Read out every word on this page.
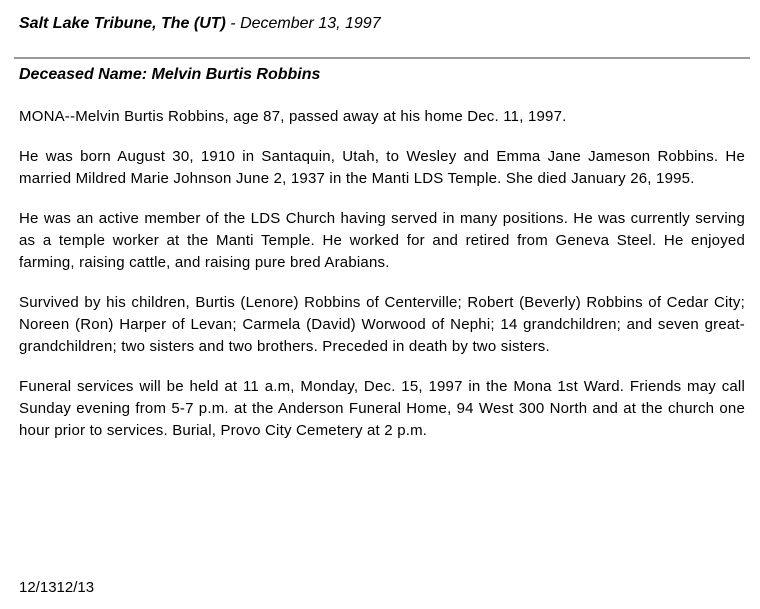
Salt Lake Tribune, The (UT) - December 13, 1997
Deceased Name: Melvin Burtis Robbins

MONA--Melvin Burtis Robbins, age 87, passed away at his home Dec. 11, 1997.

He was born August 30, 1910 in Santaquin, Utah, to Wesley and Emma Jane Jameson Robbins. He married Mildred Marie Johnson June 2, 1937 in the Manti LDS Temple. She died January 26, 1995.

He was an active member of the LDS Church having served in many positions. He was currently serving as a temple worker at the Manti Temple. He worked for and retired from Geneva Steel. He enjoyed farming, raising cattle, and raising pure bred Arabians.

Survived by his children, Burtis (Lenore) Robbins of Centerville; Robert (Beverly) Robbins of Cedar City; Noreen (Ron) Harper of Levan; Carmela (David) Worwood of Nephi; 14 grandchildren; and seven great-grandchildren; two sisters and two brothers. Preceded in death by two sisters.

Funeral services will be held at 11 a.m, Monday, Dec. 15, 1997 in the Mona 1st Ward. Friends may call Sunday evening from 5-7 p.m. at the Anderson Funeral Home, 94 West 300 North and at the church one hour prior to services. Burial, Provo City Cemetery at 2 p.m.

12/1312/13
